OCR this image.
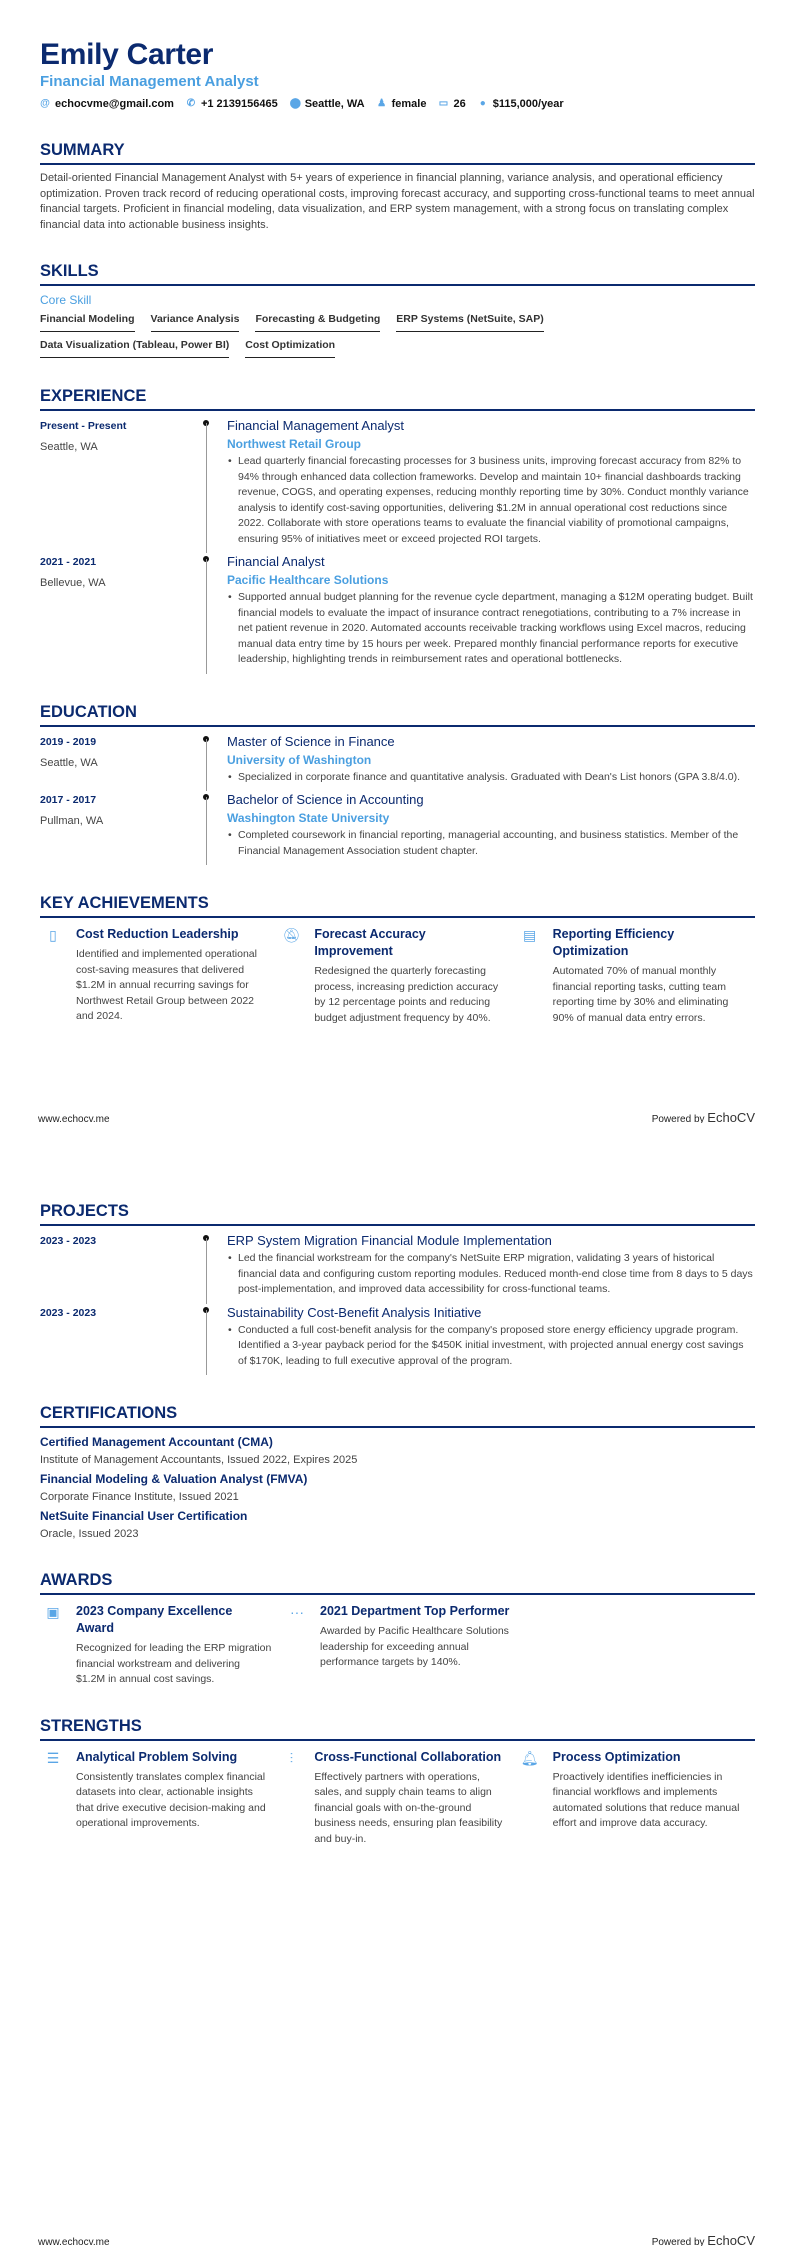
Emily Carter
Financial Management Analyst
@ echocvme@gmail.com ✆ +1 2139156465 ⬤ Seattle, WA ♟ female ▭ 26 ● $115,000/year
SUMMARY
Detail-oriented Financial Management Analyst with 5+ years of experience in financial planning, variance analysis, and operational efficiency optimization. Proven track record of reducing operational costs, improving forecast accuracy, and supporting cross-functional teams to meet annual financial targets. Proficient in financial modeling, data visualization, and ERP system management, with a strong focus on translating complex financial data into actionable business insights.
SKILLS
Core Skill
Financial Modeling Variance Analysis Forecasting & Budgeting ERP Systems (NetSuite, SAP)
Data Visualization (Tableau, Power BI) Cost Optimization
EXPERIENCE
Present - Present
Seattle, WA
Financial Management Analyst
Northwest Retail Group
• Lead quarterly financial forecasting processes for 3 business units, improving forecast accuracy from 82% to 94% through enhanced data collection frameworks. Develop and maintain 10+ financial dashboards tracking revenue, COGS, and operating expenses, reducing monthly reporting time by 30%. Conduct monthly variance analysis to identify cost-saving opportunities, delivering $1.2M in annual operational cost reductions since 2022. Collaborate with store operations teams to evaluate the financial viability of promotional campaigns, ensuring 95% of initiatives meet or exceed projected ROI targets.
2021 - 2021
Bellevue, WA
Financial Analyst
Pacific Healthcare Solutions
• Supported annual budget planning for the revenue cycle department, managing a $12M operating budget. Built financial models to evaluate the impact of insurance contract renegotiations, contributing to a 7% increase in net patient revenue in 2020. Automated accounts receivable tracking workflows using Excel macros, reducing manual data entry time by 15 hours per week. Prepared monthly financial performance reports for executive leadership, highlighting trends in reimbursement rates and operational bottlenecks.
EDUCATION
2019 - 2019
Seattle, WA
Master of Science in Finance
University of Washington
• Specialized in corporate finance and quantitative analysis. Graduated with Dean's List honors (GPA 3.8/4.0).
2017 - 2017
Pullman, WA
Bachelor of Science in Accounting
Washington State University
• Completed coursework in financial reporting, managerial accounting, and business statistics. Member of the Financial Management Association student chapter.
KEY ACHIEVEMENTS
▯	Cost Reduction Leadership
Identified and implemented operational cost-saving measures that delivered $1.2M in annual recurring savings for Northwest Retail Group between 2022 and 2024.
🔕︎	Forecast Accuracy Improvement
Redesigned the quarterly forecasting process, increasing prediction accuracy by 12 percentage points and reducing budget adjustment frequency by 40%.
▤	Reporting Efficiency Optimization
Automated 70% of manual monthly financial reporting tasks, cutting team reporting time by 30% and eliminating 90% of manual data entry errors.
www.echocv.me	Powered by EchoCV
PROJECTS
2023 - 2023	ERP System Migration Financial Module Implementation
• Led the financial workstream for the company's NetSuite ERP migration, validating 3 years of historical financial data and configuring custom reporting modules. Reduced month-end close time from 8 days to 5 days post-implementation, and improved data accessibility for cross-functional teams.
2023 - 2023	Sustainability Cost-Benefit Analysis Initiative
• Conducted a full cost-benefit analysis for the company's proposed store energy efficiency upgrade program. Identified a 3-year payback period for the $450K initial investment, with projected annual energy cost savings of $170K, leading to full executive approval of the program.
CERTIFICATIONS
Certified Management Accountant (CMA)
Institute of Management Accountants, Issued 2022, Expires 2025
Financial Modeling & Valuation Analyst (FMVA)
Corporate Finance Institute, Issued 2021
NetSuite Financial User Certification
Oracle, Issued 2023
AWARDS
▣	2023 Company Excellence Award
Recognized for leading the ERP migration financial workstream and delivering $1.2M in annual cost savings.
···	2021 Department Top Performer
Awarded by Pacific Healthcare Solutions leadership for exceeding annual performance targets by 140%.
STRENGTHS
☰	Analytical Problem Solving
Consistently translates complex financial datasets into clear, actionable insights that drive executive decision-making and operational improvements.
⫶	Cross-Functional Collaboration
Effectively partners with operations, sales, and supply chain teams to align financial goals with on-the-ground business needs, ensuring plan feasibility and buy-in.
🔔︎	Process Optimization
Proactively identifies inefficiencies in financial workflows and implements automated solutions that reduce manual effort and improve data accuracy.
www.echocv.me	Powered by EchoCV
